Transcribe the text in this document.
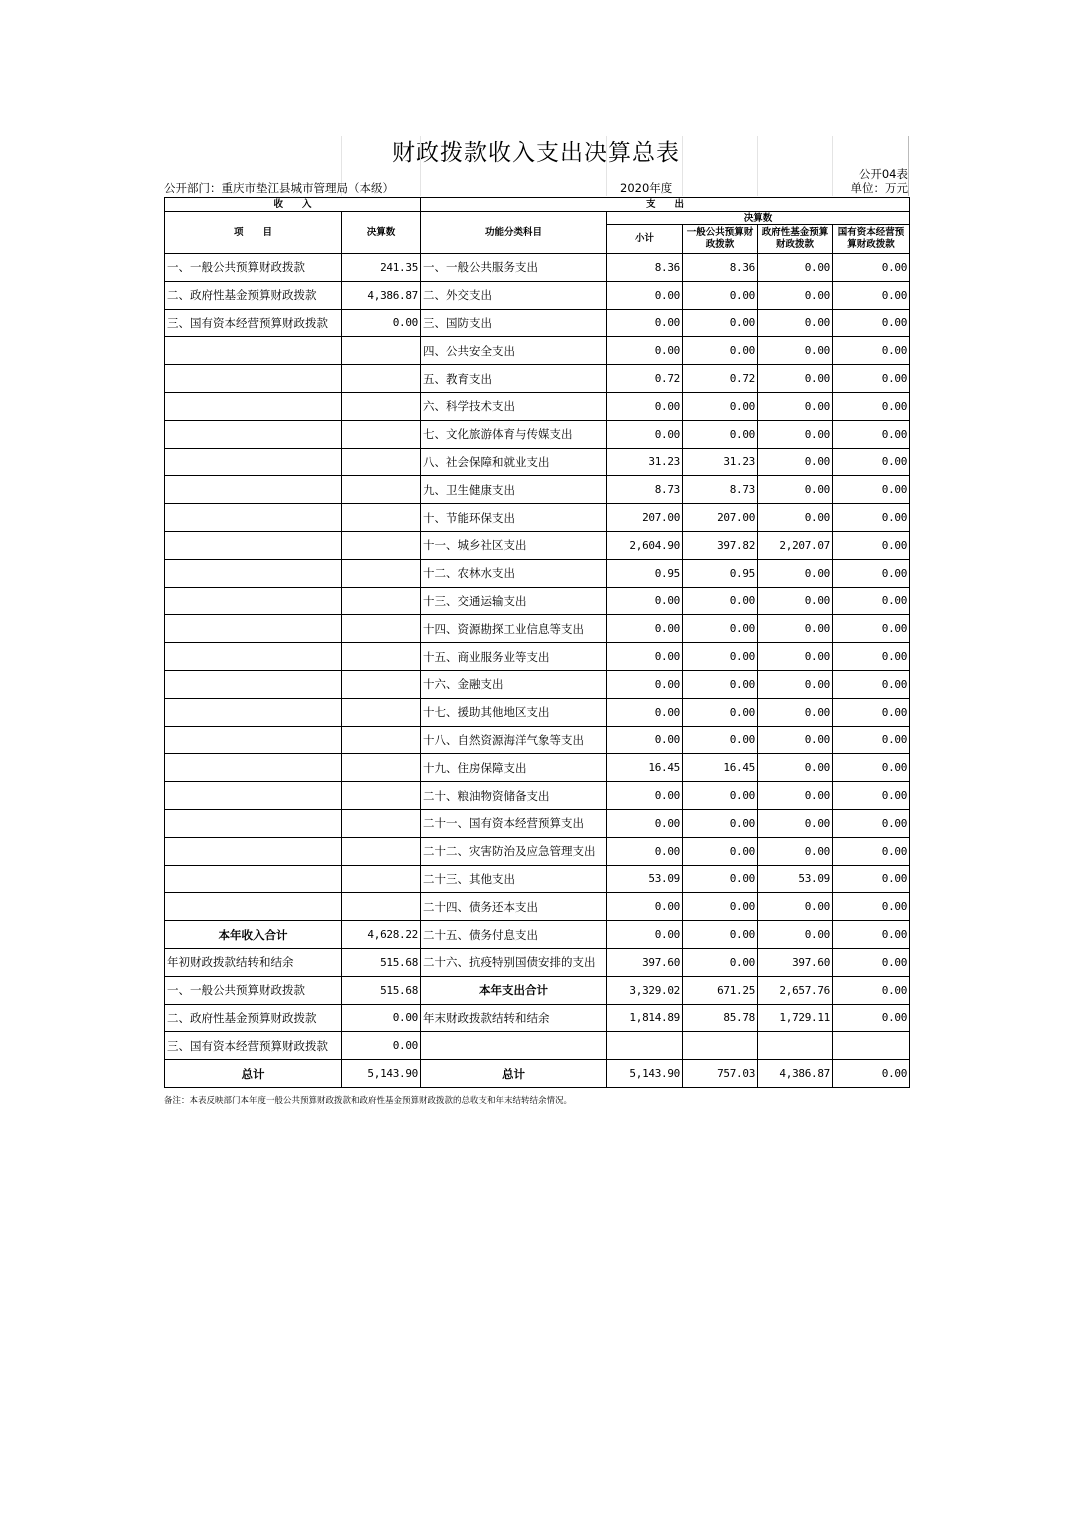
财政拨款收入支出决算总表
公开04表
公开部门：重庆市垫江县城市管理局（本级）	2020年度	单位：万元
收　　入		支　　出				
项　　目	决算数	功能分类科目	决算数			
			小计	一般公共预算财政拨款	政府性基金预算财政拨款	国有资本经营预算财政拨款
一、一般公共预算财政拨款	241.35	一、一般公共服务支出	8.36	8.36	0.00	0.00
二、政府性基金预算财政拨款	4,386.87	二、外交支出	0.00	0.00	0.00	0.00
三、国有资本经营预算财政拨款	0.00	三、国防支出	0.00	0.00	0.00	0.00
		四、公共安全支出	0.00	0.00	0.00	0.00
		五、教育支出	0.72	0.72	0.00	0.00
		六、科学技术支出	0.00	0.00	0.00	0.00
		七、文化旅游体育与传媒支出	0.00	0.00	0.00	0.00
		八、社会保障和就业支出	31.23	31.23	0.00	0.00
		九、卫生健康支出	8.73	8.73	0.00	0.00
		十、节能环保支出	207.00	207.00	0.00	0.00
		十一、城乡社区支出	2,604.90	397.82	2,207.07	0.00
		十二、农林水支出	0.95	0.95	0.00	0.00
		十三、交通运输支出	0.00	0.00	0.00	0.00
		十四、资源勘探工业信息等支出	0.00	0.00	0.00	0.00
		十五、商业服务业等支出	0.00	0.00	0.00	0.00
		十六、金融支出	0.00	0.00	0.00	0.00
		十七、援助其他地区支出	0.00	0.00	0.00	0.00
		十八、自然资源海洋气象等支出	0.00	0.00	0.00	0.00
		十九、住房保障支出	16.45	16.45	0.00	0.00
		二十、粮油物资储备支出	0.00	0.00	0.00	0.00
		二十一、国有资本经营预算支出	0.00	0.00	0.00	0.00
		二十二、灾害防治及应急管理支出	0.00	0.00	0.00	0.00
		二十三、其他支出	53.09	0.00	53.09	0.00
		二十四、债务还本支出	0.00	0.00	0.00	0.00
本年收入合计	4,628.22	二十五、债务付息支出	0.00	0.00	0.00	0.00
年初财政拨款结转和结余	515.68	二十六、抗疫特别国债安排的支出	397.60	0.00	397.60	0.00
一、一般公共预算财政拨款	515.68	本年支出合计	3,329.02	671.25	2,657.76	0.00
二、政府性基金预算财政拨款	0.00	年末财政拨款结转和结余	1,814.89	85.78	1,729.11	0.00
三、国有资本经营预算财政拨款	0.00					
总计	5,143.90	总计	5,143.90	757.03	4,386.87	0.00
备注：本表反映部门本年度一般公共预算财政拨款和政府性基金预算财政拨款的总收支和年末结转结余情况。
